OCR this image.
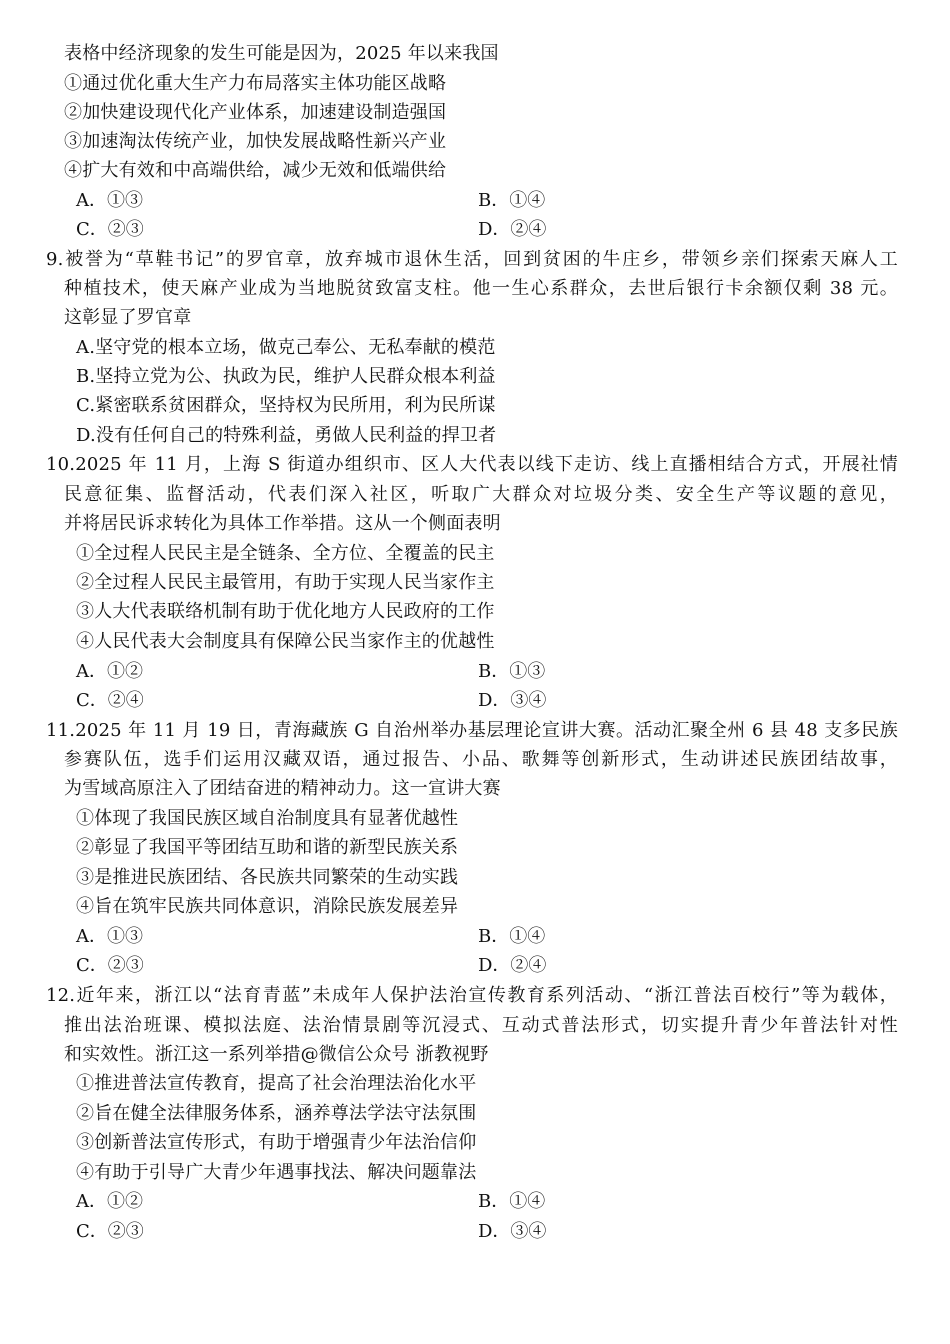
表格中经济现象的发生可能是因为，2025 年以来我国
①通过优化重大生产力布局落实主体功能区战略
②加快建设现代化产业体系，加速建设制造强国
③加速淘汰传统产业，加快发展战略性新兴产业
④扩大有效和中高端供给，减少无效和低端供给
A．①③	B．①④
C．②③	D．②④
9.被誉为“草鞋书记”的罗官章，放弃城市退休生活，回到贫困的牛庄乡，带领乡亲们探索天麻人工
种植技术，使天麻产业成为当地脱贫致富支柱。他一生心系群众，去世后银行卡余额仅剩 38 元。
这彰显了罗官章
A.坚守党的根本立场，做克己奉公、无私奉献的模范
B.坚持立党为公、执政为民，维护人民群众根本利益
C.紧密联系贫困群众，坚持权为民所用，利为民所谋
D.没有任何自己的特殊利益，勇做人民利益的捍卫者
10.2025 年 11 月，上海 S 街道办组织市、区人大代表以线下走访、线上直播相结合方式，开展社情
民意征集、监督活动，代表们深入社区，听取广大群众对垃圾分类、安全生产等议题的意见，
并将居民诉求转化为具体工作举措。这从一个侧面表明
①全过程人民民主是全链条、全方位、全覆盖的民主
②全过程人民民主最管用，有助于实现人民当家作主
③人大代表联络机制有助于优化地方人民政府的工作
④人民代表大会制度具有保障公民当家作主的优越性
A．①②	B．①③
C．②④	D．③④
11.2025 年 11 月 19 日，青海藏族 G 自治州举办基层理论宣讲大赛。活动汇聚全州 6 县 48 支多民族
参赛队伍，选手们运用汉藏双语，通过报告、小品、歌舞等创新形式，生动讲述民族团结故事，
为雪域高原注入了团结奋进的精神动力。这一宣讲大赛
①体现了我国民族区域自治制度具有显著优越性
②彰显了我国平等团结互助和谐的新型民族关系
③是推进民族团结、各民族共同繁荣的生动实践
④旨在筑牢民族共同体意识，消除民族发展差异
A．①③	B．①④
C．②③	D．②④
12.近年来，浙江以“法育青蓝”未成年人保护法治宣传教育系列活动、“浙江普法百校行”等为载体，
推出法治班课、模拟法庭、法治情景剧等沉浸式、互动式普法形式，切实提升青少年普法针对性
和实效性。浙江这一系列举措@微信公众号 浙教视野
①推进普法宣传教育，提高了社会治理法治化水平
②旨在健全法律服务体系，涵养尊法学法守法氛围
③创新普法宣传形式，有助于增强青少年法治信仰
④有助于引导广大青少年遇事找法、解决问题靠法
A．①②	B．①④
C．②③	D．③④
